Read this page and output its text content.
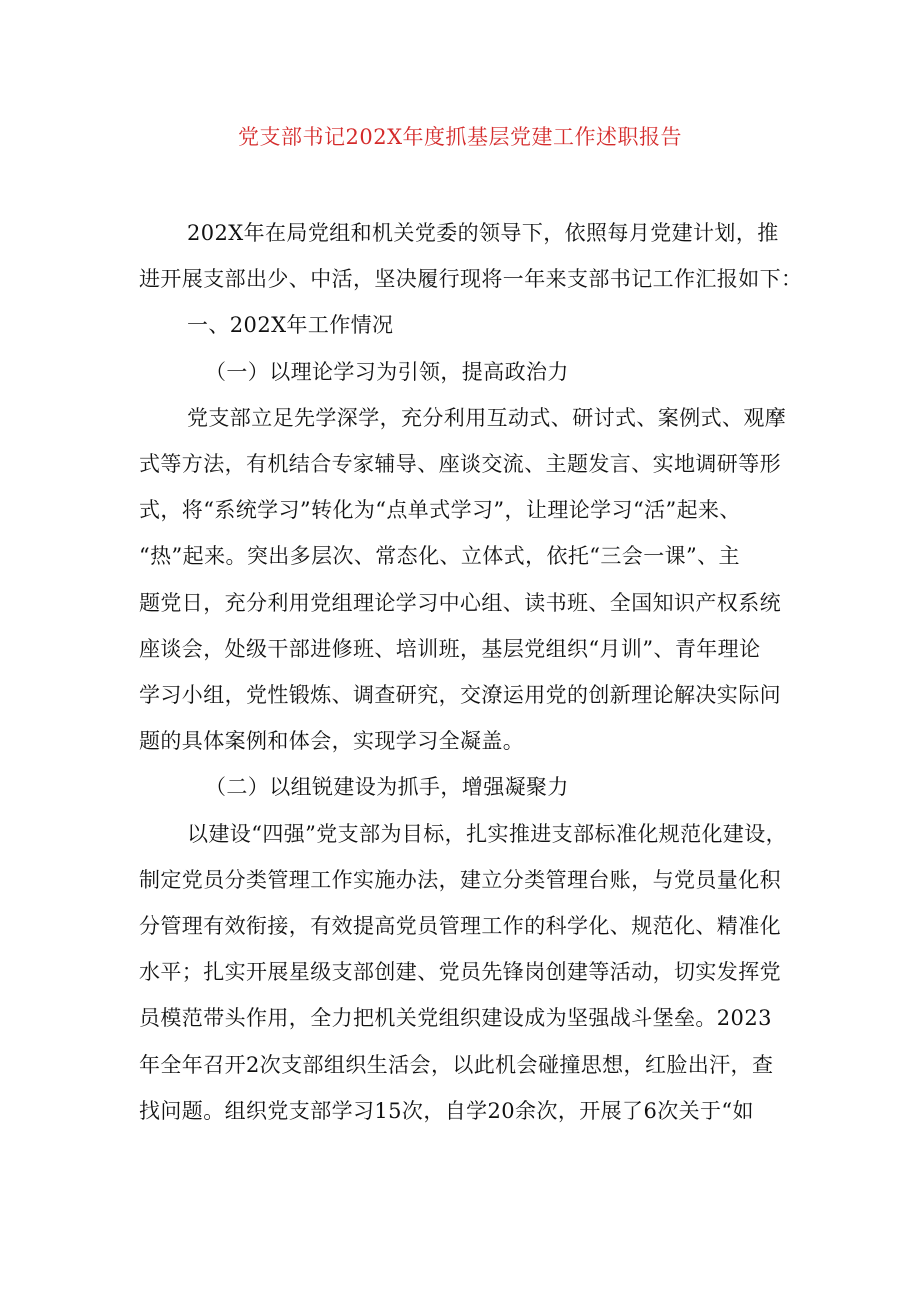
党支部书记202X年度抓基层党建工作述职报告

202X年在局党组和机关党委的领导下，依照每月党建计划，推
进开展支部出少、中活，坚决履行现将一年来支部书记工作汇报如下：

一、202X年工作情况

（一）以理论学习为引领，提高政治力

党支部立足先学深学，充分利用互动式、研讨式、案例式、观摩
式等方法，有机结合专家辅导、座谈交流、主题发言、实地调研等形
式，将“系统学习”转化为“点单式学习”，让理论学习“活”起来、
“热”起来。突出多层次、常态化、立体式，依托“三会一课”、主
题党日，充分利用党组理论学习中心组、读书班、全国知识产权系统
座谈会，处级干部进修班、培训班，基层党组织“月训”、青年理论
学习小组，党性锻炼、调查研究，交潦运用党的创新理论解决实际问
题的具体案例和体会，实现学习全凝盖。

（二）以组锐建设为抓手，增强凝聚力

以建设“四强”党支部为目标，扎实推进支部标准化规范化建设，
制定党员分类管理工作实施办法，建立分类管理台账，与党员量化积
分管理有效衔接，有效提高党员管理工作的科学化、规范化、精准化
水平；扎实开展星级支部创建、党员先锋岗创建等活动，切实发挥党
员模范带头作用，全力把机关党组织建设成为坚强战斗堡垒。2023
年全年召开2次支部组织生活会，以此机会碰撞思想，红脸出汗，查
找问题。组织党支部学习15次，自学20余次，开展了6次关于“如
